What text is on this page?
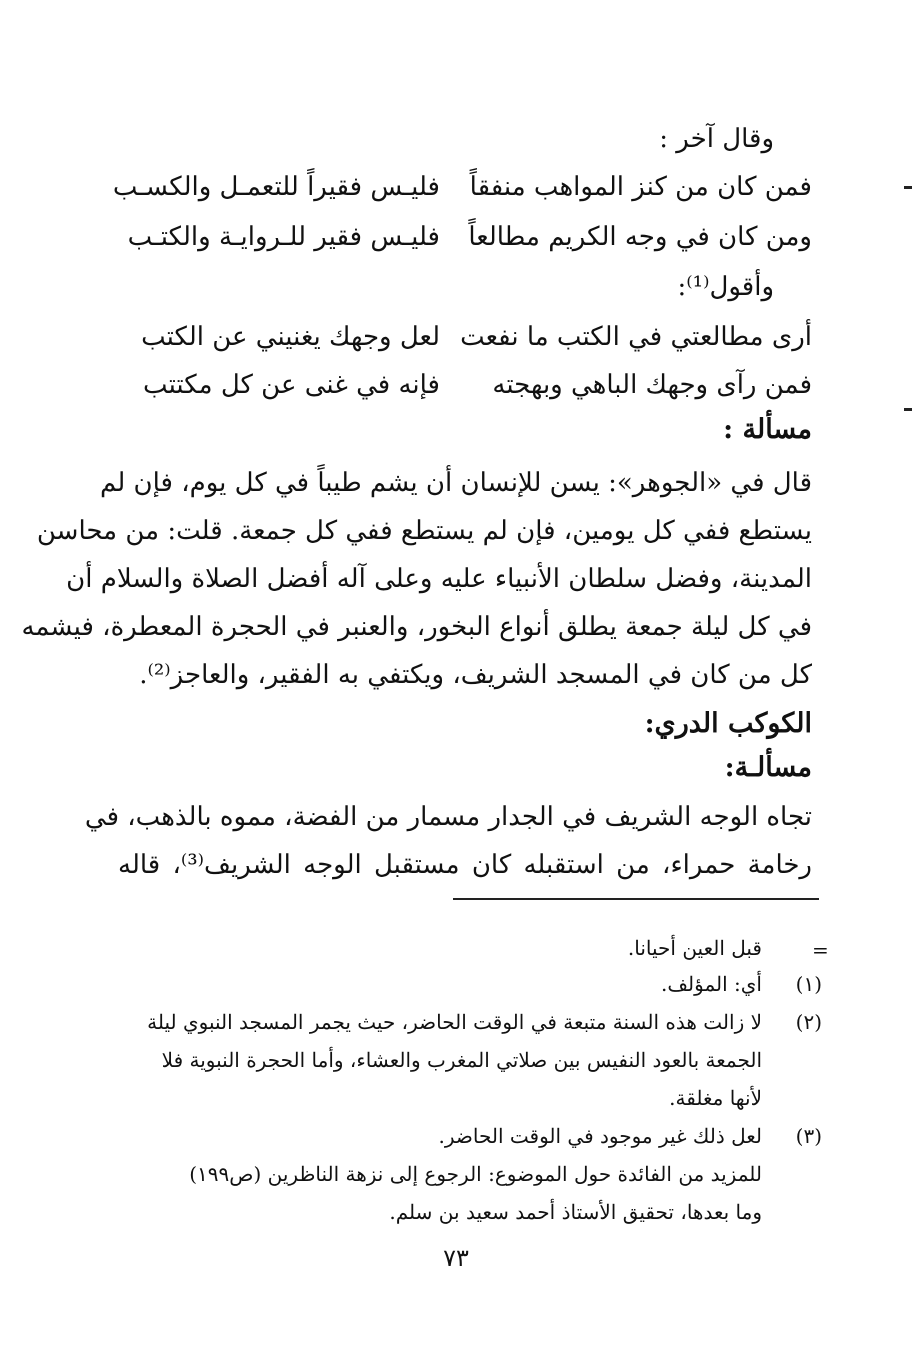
وقال آخر :
فمن كان من كنز المواهب منفقاً
فليـس فقيراً للتعمـل والكسـب
ومن كان في وجه الكريم مطالعاً
فليـس فقير للـروايـة والكتـب
وأقول⁽¹⁾:
أرى مطالعتي في الكتب ما نفعت
لعل وجهك يغنيني عن الكتب
فمن رآى وجهك الباهي وبهجته
فإنه في غنى عن كل مكتتب
مسألة :
قال في «الجوهر»: يسن للإنسان أن يشم طيباً في كل يوم، فإن لم
يستطع ففي كل يومين، فإن لم يستطع ففي كل جمعة. قلت: من محاسن
المدينة، وفضل سلطان الأنبياء عليه وعلى آله أفضل الصلاة والسلام أن
في كل ليلة جمعة يطلق أنواع البخور، والعنبر في الحجرة المعطرة، فيشمه
كل من كان في المسجد الشريف، ويكتفي به الفقير، والعاجز⁽²⁾.
الكوكب الدري:
مسألـة:
تجاه الوجه الشريف في الجدار مسمار من الفضة، مموه بالذهب، في
رخامة حمراء، من استقبله كان مستقبل الوجه الشريف⁽³⁾، قاله
=
قبل العين أحيانا.
(١)
أي: المؤلف.
(٢)
لا زالت هذه السنة متبعة في الوقت الحاضر، حيث يجمر المسجد النبوي ليلة
الجمعة بالعود النفيس بين صلاتي المغرب والعشاء، وأما الحجرة النبوية فلا
لأنها مغلقة.
(٣)
لعل ذلك غير موجود في الوقت الحاضر.
للمزيد من الفائدة حول الموضوع: الرجوع إلى نزهة الناظرين (ص١٩٩)
وما بعدها، تحقيق الأستاذ أحمد سعيد بن سلم.
٧٣
